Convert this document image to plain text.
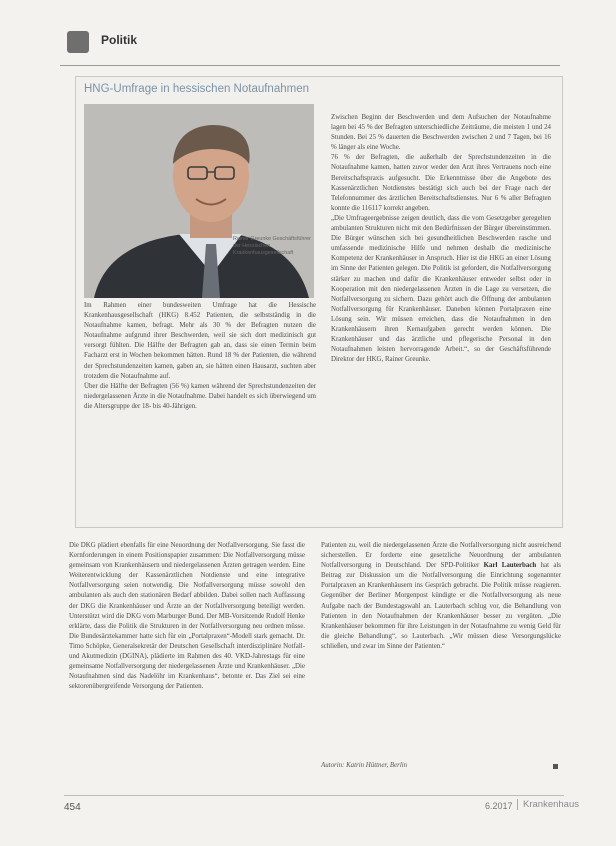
Politik
HNG-Umfrage in hessischen Notaufnahmen
Rainer Greunke Geschäftsführer der Hessischen Krankenhausgesellschaft

Im Rahmen einer bundesweiten Umfrage hat die Hessische Krankenhausgesellschaft (HKG) 8.452 Patienten, die selbstständig in die Notaufnahme kamen, befragt. Mehr als 30 % der Befragten nutzen die Notaufnahme aufgrund ihrer Beschwerden, weil sie sich dort medizinisch gut versorgt fühlten. Die Hälfte der Befragten gab an, dass sie einen Termin beim Facharzt erst in Wochen bekommen hätten. Rund 18 % der Patienten, die während der Sprechstundenzeiten kamen, gaben an, sie hätten einen Hausarzt, suchten aber trotzdem die Notaufnahme auf.

Über die Hälfte der Befragten (56 %) kamen während der Sprechstundenzeiten der niedergelassenen Ärzte in die Notaufnahme. Dabei handelt es sich überwiegend um die Altersgruppe der 18- bis 40-Jährigen.

Zwischen Beginn der Beschwerden und dem Aufsuchen der Notaufnahme lagen bei 45 % der Befragten unterschiedliche Zeiträume, die meisten 1 und 24 Stunden. Bei 25 % dauerten die Beschwerden zwischen 2 und 7 Tagen, bei 16 % länger als eine Woche.

76 % der Befragten, die außerhalb der Sprechstundenzeiten in die Notaufnahme kamen, hatten zuvor weder den Arzt ihres Vertrauens noch eine Bereitschaftspraxis aufgesucht. Die Erkenntnisse über die Angebote des Kassenärztlichen Notdienstes bestätigt sich auch bei der Frage nach der Telefonnummer des ärztlichen Bereitschaftsdienstes. Nur 6 % aller Befragten konnte die 116117 korrekt angeben.

„Die Umfrageergebnisse zeigen deutlich, dass die vom Gesetzgeber geregelten ambulanten Strukturen nicht mit den Bedürfnissen der Bürger übereinstimmen. Die Bürger wünschen sich bei gesundheitlichen Beschwerden rasche und umfassende medizinische Hilfe und nehmen deshalb die medizinische Kompetenz der Krankenhäuser in Anspruch. Hier ist die HKG an einer Lösung im Sinne der Patienten gelegen. Die Politik ist gefordert, die Notfallversorgung stärker zu machen und dafür die Krankenhäuser entweder selbst oder in Kooperation mit den niedergelassenen Ärzten in die Lage zu versetzen, die Notfallversorgung zu sichern. Dazu gehört auch die Öffnung der ambulanten Notfallversorgung für Krankenhäuser. Daneben können Portalpraxen eine Lösung sein. Wir müssen erreichen, dass die Notaufnahmen in den Krankenhäusern ihren Kernaufgaben gerecht werden können. Die Krankenhäuser und das ärztliche und pflegerische Personal in den Notaufnahmen leisten hervorragende Arbeit.“, so der Geschäftsführende Direktor der HKG, Rainer Greunke.

Die DKG plädiert ebenfalls für eine Neuordnung der Notfallversorgung. Sie fasst die Kernforderungen in einem Positionspapier zusammen: Die Notfallversorgung müsse gemeinsam von Krankenhäusern und niedergelassenen Ärzten getragen werden. Eine Weiterentwicklung der Kassenärztlichen Notdienste und eine integrative Notfallversorgung seien notwendig. Die Notfallversorgung müsse sowohl den ambulanten als auch den stationären Bedarf abbilden. Dabei sollen nach Auffassung der DKG die Krankenhäuser und Ärzte an der Notfallversorgung beteiligt werden. Unterstützt wird die DKG vom Marburger Bund. Der MB-Vorsitzende Rudolf Henke erklärte, dass die Politik die Strukturen in der Notfallversorgung neu ordnen müsse. Die Bundesärztekammer hatte sich für ein „Portalpraxen“-Modell stark gemacht. Dr. Timo Schöpke, Generalsekretär der Deutschen Gesellschaft interdisziplinäre Notfall- und Akutmedizin (DGINA), plädierte im Rahmen des 40. VKD-Jahrestags für eine gemeinsame Notfallversorgung der niedergelassenen Ärzte und Krankenhäuser. „Die Notaufnahmen sind das Nadelöhr im Krankenhaus“, betonte er. Das Ziel sei eine sektorenübergreifende Versorgung der Patienten.

Patienten zu, weil die niedergelassenen Ärzte die Notfallversorgung nicht ausreichend sicherstellen. Er forderte eine gesetzliche Neuordnung der ambulanten Notfallversorgung in Deutschland. Der SPD-Politiker Karl Lauterbach hat als Beitrag zur Diskussion um die Notfallversorgung die Einrichtung sogenannter Portalpraxen an Krankenhäusern ins Gespräch gebracht. Die Politik müsse reagieren. Gegenüber der Berliner Morgenpost kündigte er die Notfallversorgung als neue Aufgabe nach der Bundestagswahl an. Lauterbach schlug vor, die Behandlung von Patienten in den Notaufnahmen der Krankenhäuser besser zu vergüten. „Die Krankenhäuser bekommen für ihre Leistungen in der Notaufnahme zu wenig Geld für die gleiche Behandlung“, so Lauterbach. „Wir müssen diese Versorgungslücke schließen, und zwar im Sinne der Patienten.“

Autorin: Katrin Hüttner, Berlin
454	6.2017	Krankenhaus
